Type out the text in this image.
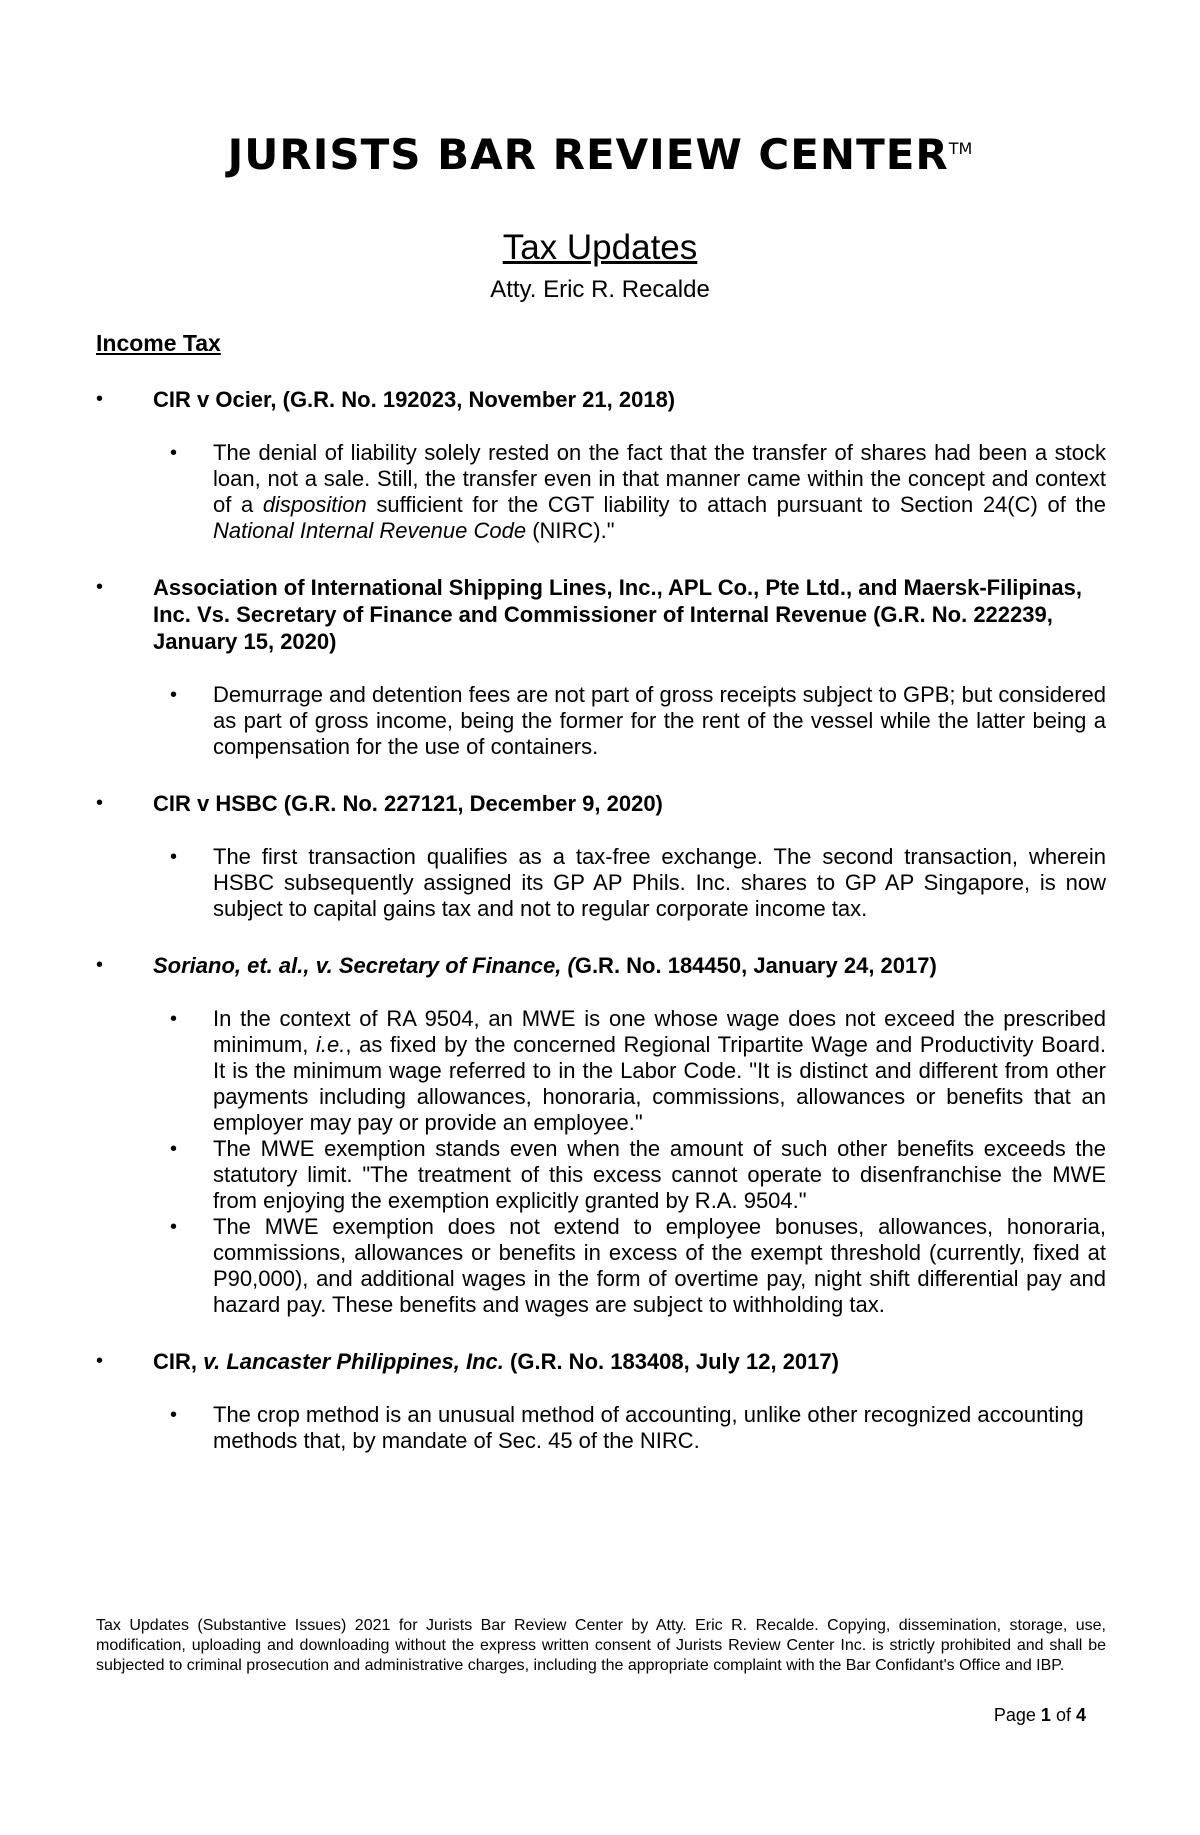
JURISTS BAR REVIEW CENTER™
Tax Updates
Atty. Eric R. Recalde
Income Tax
• CIR v Ocier, (G.R. No. 192023, November 21, 2018)
• The denial of liability solely rested on the fact that the transfer of shares had been a stock loan, not a sale. Still, the transfer even in that manner came within the concept and context of a disposition sufficient for the CGT liability to attach pursuant to Section 24(C) of the National Internal Revenue Code (NIRC)."
• Association of International Shipping Lines, Inc., APL Co., Pte Ltd., and Maersk-Filipinas, Inc. Vs. Secretary of Finance and Commissioner of Internal Revenue (G.R. No. 222239, January 15, 2020)
• Demurrage and detention fees are not part of gross receipts subject to GPB; but considered as part of gross income, being the former for the rent of the vessel while the latter being a compensation for the use of containers.
• CIR v HSBC (G.R. No. 227121, December 9, 2020)
• The first transaction qualifies as a tax-free exchange. The second transaction, wherein HSBC subsequently assigned its GP AP Phils. Inc. shares to GP AP Singapore, is now subject to capital gains tax and not to regular corporate income tax.
• Soriano, et. al., v. Secretary of Finance, (G.R. No. 184450, January 24, 2017)
• In the context of RA 9504, an MWE is one whose wage does not exceed the prescribed minimum, i.e., as fixed by the concerned Regional Tripartite Wage and Productivity Board. It is the minimum wage referred to in the Labor Code. "It is distinct and different from other payments including allowances, honoraria, commissions, allowances or benefits that an employer may pay or provide an employee."
• The MWE exemption stands even when the amount of such other benefits exceeds the statutory limit. "The treatment of this excess cannot operate to disenfranchise the MWE from enjoying the exemption explicitly granted by R.A. 9504."
• The MWE exemption does not extend to employee bonuses, allowances, honoraria, commissions, allowances or benefits in excess of the exempt threshold (currently, fixed at P90,000), and additional wages in the form of overtime pay, night shift differential pay and hazard pay. These benefits and wages are subject to withholding tax.
• CIR, v. Lancaster Philippines, Inc. (G.R. No. 183408, July 12, 2017)
• The crop method is an unusual method of accounting, unlike other recognized accounting methods that, by mandate of Sec. 45 of the NIRC.
Tax Updates (Substantive Issues) 2021 for Jurists Bar Review Center by Atty. Eric R. Recalde. Copying, dissemination, storage, use, modification, uploading and downloading without the express written consent of Jurists Review Center Inc. is strictly prohibited and shall be subjected to criminal prosecution and administrative charges, including the appropriate complaint with the Bar Confidant's Office and IBP.
Page 1 of 4
